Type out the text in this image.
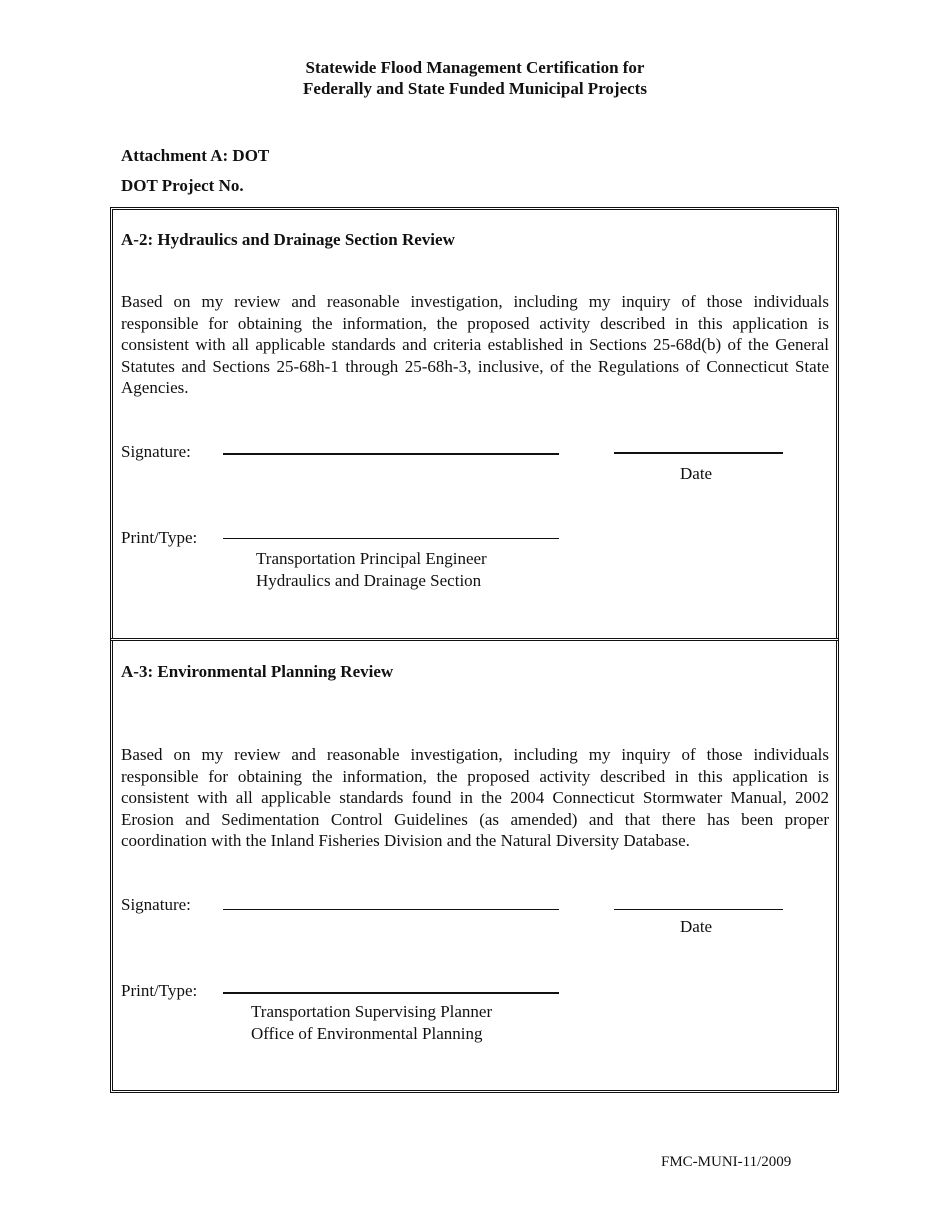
Statewide Flood Management Certification for
Federally and State Funded Municipal Projects
Attachment A: DOT
DOT Project No.
A-2: Hydraulics and Drainage Section Review
Based on my review and reasonable investigation, including my inquiry of those individuals responsible for obtaining the information, the proposed activity described in this application is consistent with all applicable standards and criteria established in Sections 25-68d(b) of the General Statutes and Sections 25-68h-1 through 25-68h-3, inclusive, of the Regulations of Connecticut State Agencies.
Signature:
Date
Print/Type:
Transportation Principal Engineer
Hydraulics and Drainage Section
A-3: Environmental Planning Review
Based on my review and reasonable investigation, including my inquiry of those individuals responsible for obtaining the information, the proposed activity described in this application is consistent with all applicable standards found in the 2004 Connecticut Stormwater Manual, 2002 Erosion and Sedimentation Control Guidelines (as amended) and that there has been proper coordination with the Inland Fisheries Division and the Natural Diversity Database.
Signature:
Date
Print/Type:
Transportation Supervising Planner
Office of Environmental Planning
FMC-MUNI-11/2009
